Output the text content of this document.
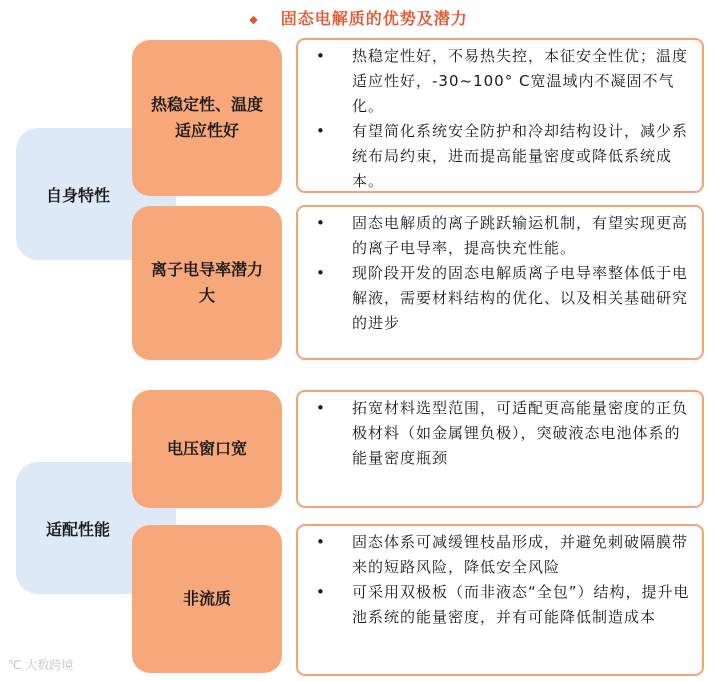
◆ 固态电解质的优势及潜力
自身特性
适配性能
热稳定性、温度适应性好
离子电导率潜力大
电压窗口宽
非流质
• 热稳定性好，不易热失控，本征安全性优；温度适应性好，-30~100° C宽温域内不凝固不气化。
• 有望简化系统安全防护和冷却结构设计，减少系统布局约束，进而提高能量密度或降低系统成本。
• 固态电解质的离子跳跃输运机制，有望实现更高的离子电导率，提高快充性能。
• 现阶段开发的固态电解质离子电导率整体低于电解液，需要材料结构的优化、以及相关基础研究的进步
• 拓宽材料选型范围，可适配更高能量密度的正负极材料（如金属锂负极），突破液态电池体系的能量密度瓶颈
• 固态体系可减缓锂枝晶形成，并避免刺破隔膜带来的短路风险，降低安全风险
• 可采用双极板（而非液态“全包”）结构，提升电池系统的能量密度，并有可能降低制造成本
℃ 大数跨境
